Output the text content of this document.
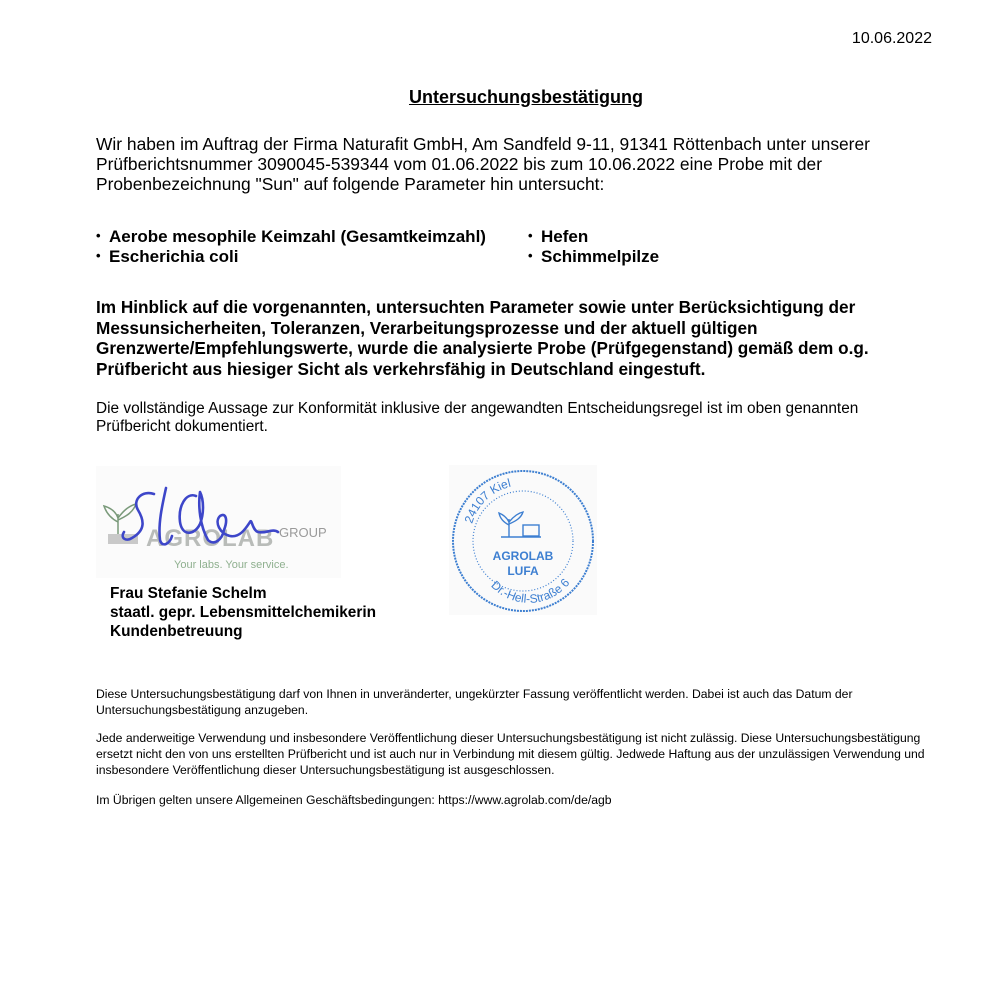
10.06.2022
Untersuchungsbestätigung

Wir haben im Auftrag der Firma Naturafit GmbH, Am Sandfeld 9-11, 91341 Röttenbach unter unserer Prüfberichtsnummer 3090045-539344 vom 01.06.2022 bis zum 10.06.2022 eine Probe mit der Probenbezeichnung "Sun" auf folgende Parameter hin untersucht:

• Aerobe mesophile Keimzahl (Gesamtkeimzahl)
• Escherichia coli
• Hefen
• Schimmelpilze

Im Hinblick auf die vorgenannten, untersuchten Parameter sowie unter Berücksichtigung der Messunsicherheiten, Toleranzen, Verarbeitungsprozesse und der aktuell gültigen Grenzwerte/Empfehlungswerte, wurde die analysierte Probe (Prüfgegenstand) gemäß dem o.g. Prüfbericht aus hiesiger Sicht als verkehrsfähig in Deutschland eingestuft.

Die vollständige Aussage zur Konformität inklusive der angewandten Entscheidungsregel ist im oben genannten Prüfbericht dokumentiert.

AGROLAB GROUP
Your labs. Your service.
24107 Kiel
Dr.-Hell-Straße 6
AGROLAB
LUFA
Frau Stefanie Schelm
staatl. gepr. Lebensmittelchemikerin
Kundenbetreuung

Diese Untersuchungsbestätigung darf von Ihnen in unveränderter, ungekürzter Fassung veröffentlicht werden. Dabei ist auch das Datum der Untersuchungsbestätigung anzugeben.

Jede anderweitige Verwendung und insbesondere Veröffentlichung dieser Untersuchungsbestätigung ist nicht zulässig. Diese Untersuchungsbestätigung ersetzt nicht den von uns erstellten Prüfbericht und ist auch nur in Verbindung mit diesem gültig. Jedwede Haftung aus der unzulässigen Verwendung und insbesondere Veröffentlichung dieser Untersuchungsbestätigung ist ausgeschlossen.

Im Übrigen gelten unsere Allgemeinen Geschäftsbedingungen: https://www.agrolab.com/de/agb
